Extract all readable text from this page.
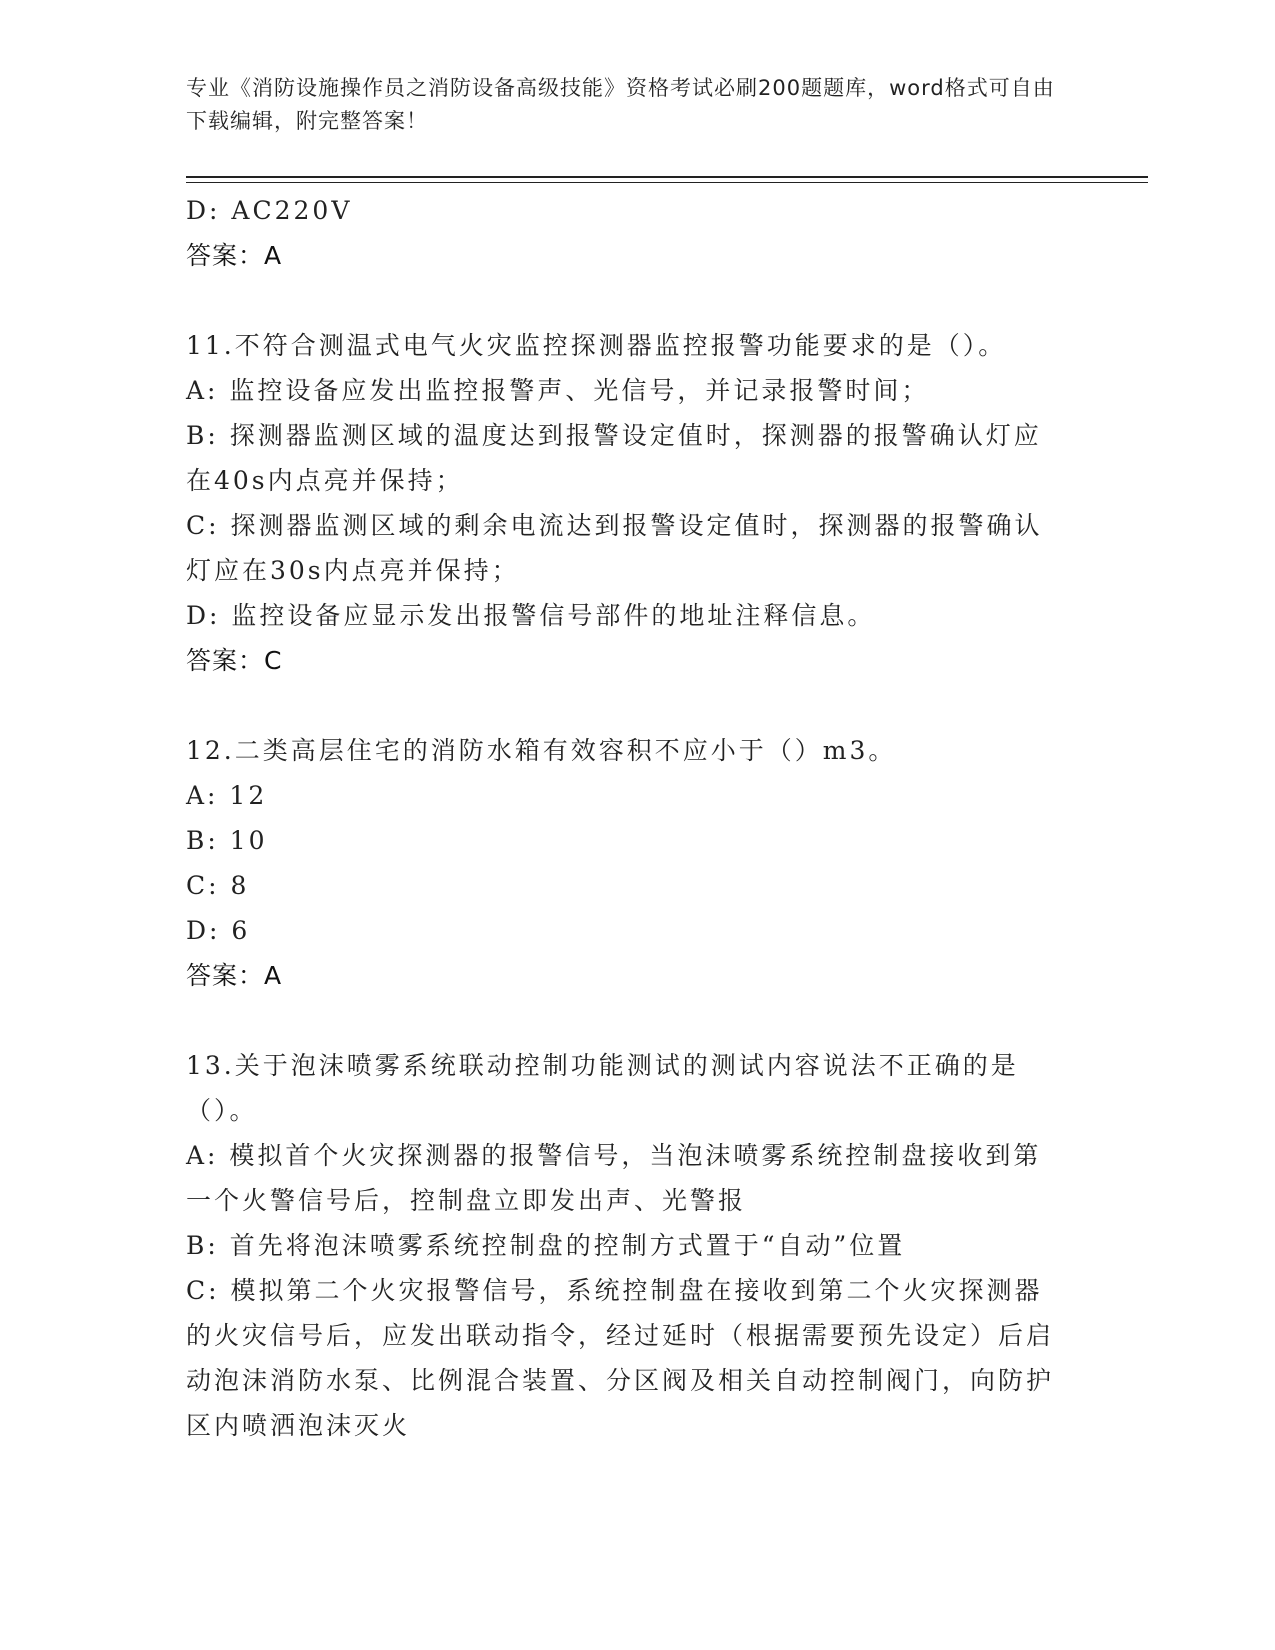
专业《消防设施操作员之消防设备高级技能》资格考试必刷200题题库，word格式可自由下载编辑，附完整答案！

D: AC220V

答案：A

11.不符合测温式电气火灾监控探测器监控报警功能要求的是（）。

A: 监控设备应发出监控报警声、光信号，并记录报警时间；

B: 探测器监测区域的温度达到报警设定值时，探测器的报警确认灯应在40s内点亮并保持；

C: 探测器监测区域的剩余电流达到报警设定值时，探测器的报警确认灯应在30s内点亮并保持；

D: 监控设备应显示发出报警信号部件的地址注释信息。

答案：C

12.二类高层住宅的消防水箱有效容积不应小于（）m3。

A: 12

B: 10

C: 8

D: 6

答案：A

13.关于泡沫喷雾系统联动控制功能测试的测试内容说法不正确的是（）。

A: 模拟首个火灾探测器的报警信号，当泡沫喷雾系统控制盘接收到第一个火警信号后，控制盘立即发出声、光警报

B: 首先将泡沫喷雾系统控制盘的控制方式置于“自动”位置

C: 模拟第二个火灾报警信号，系统控制盘在接收到第二个火灾探测器的火灾信号后，应发出联动指令，经过延时（根据需要预先设定）后启动泡沫消防水泵、比例混合装置、分区阀及相关自动控制阀门，向防护区内喷洒泡沫灭火
